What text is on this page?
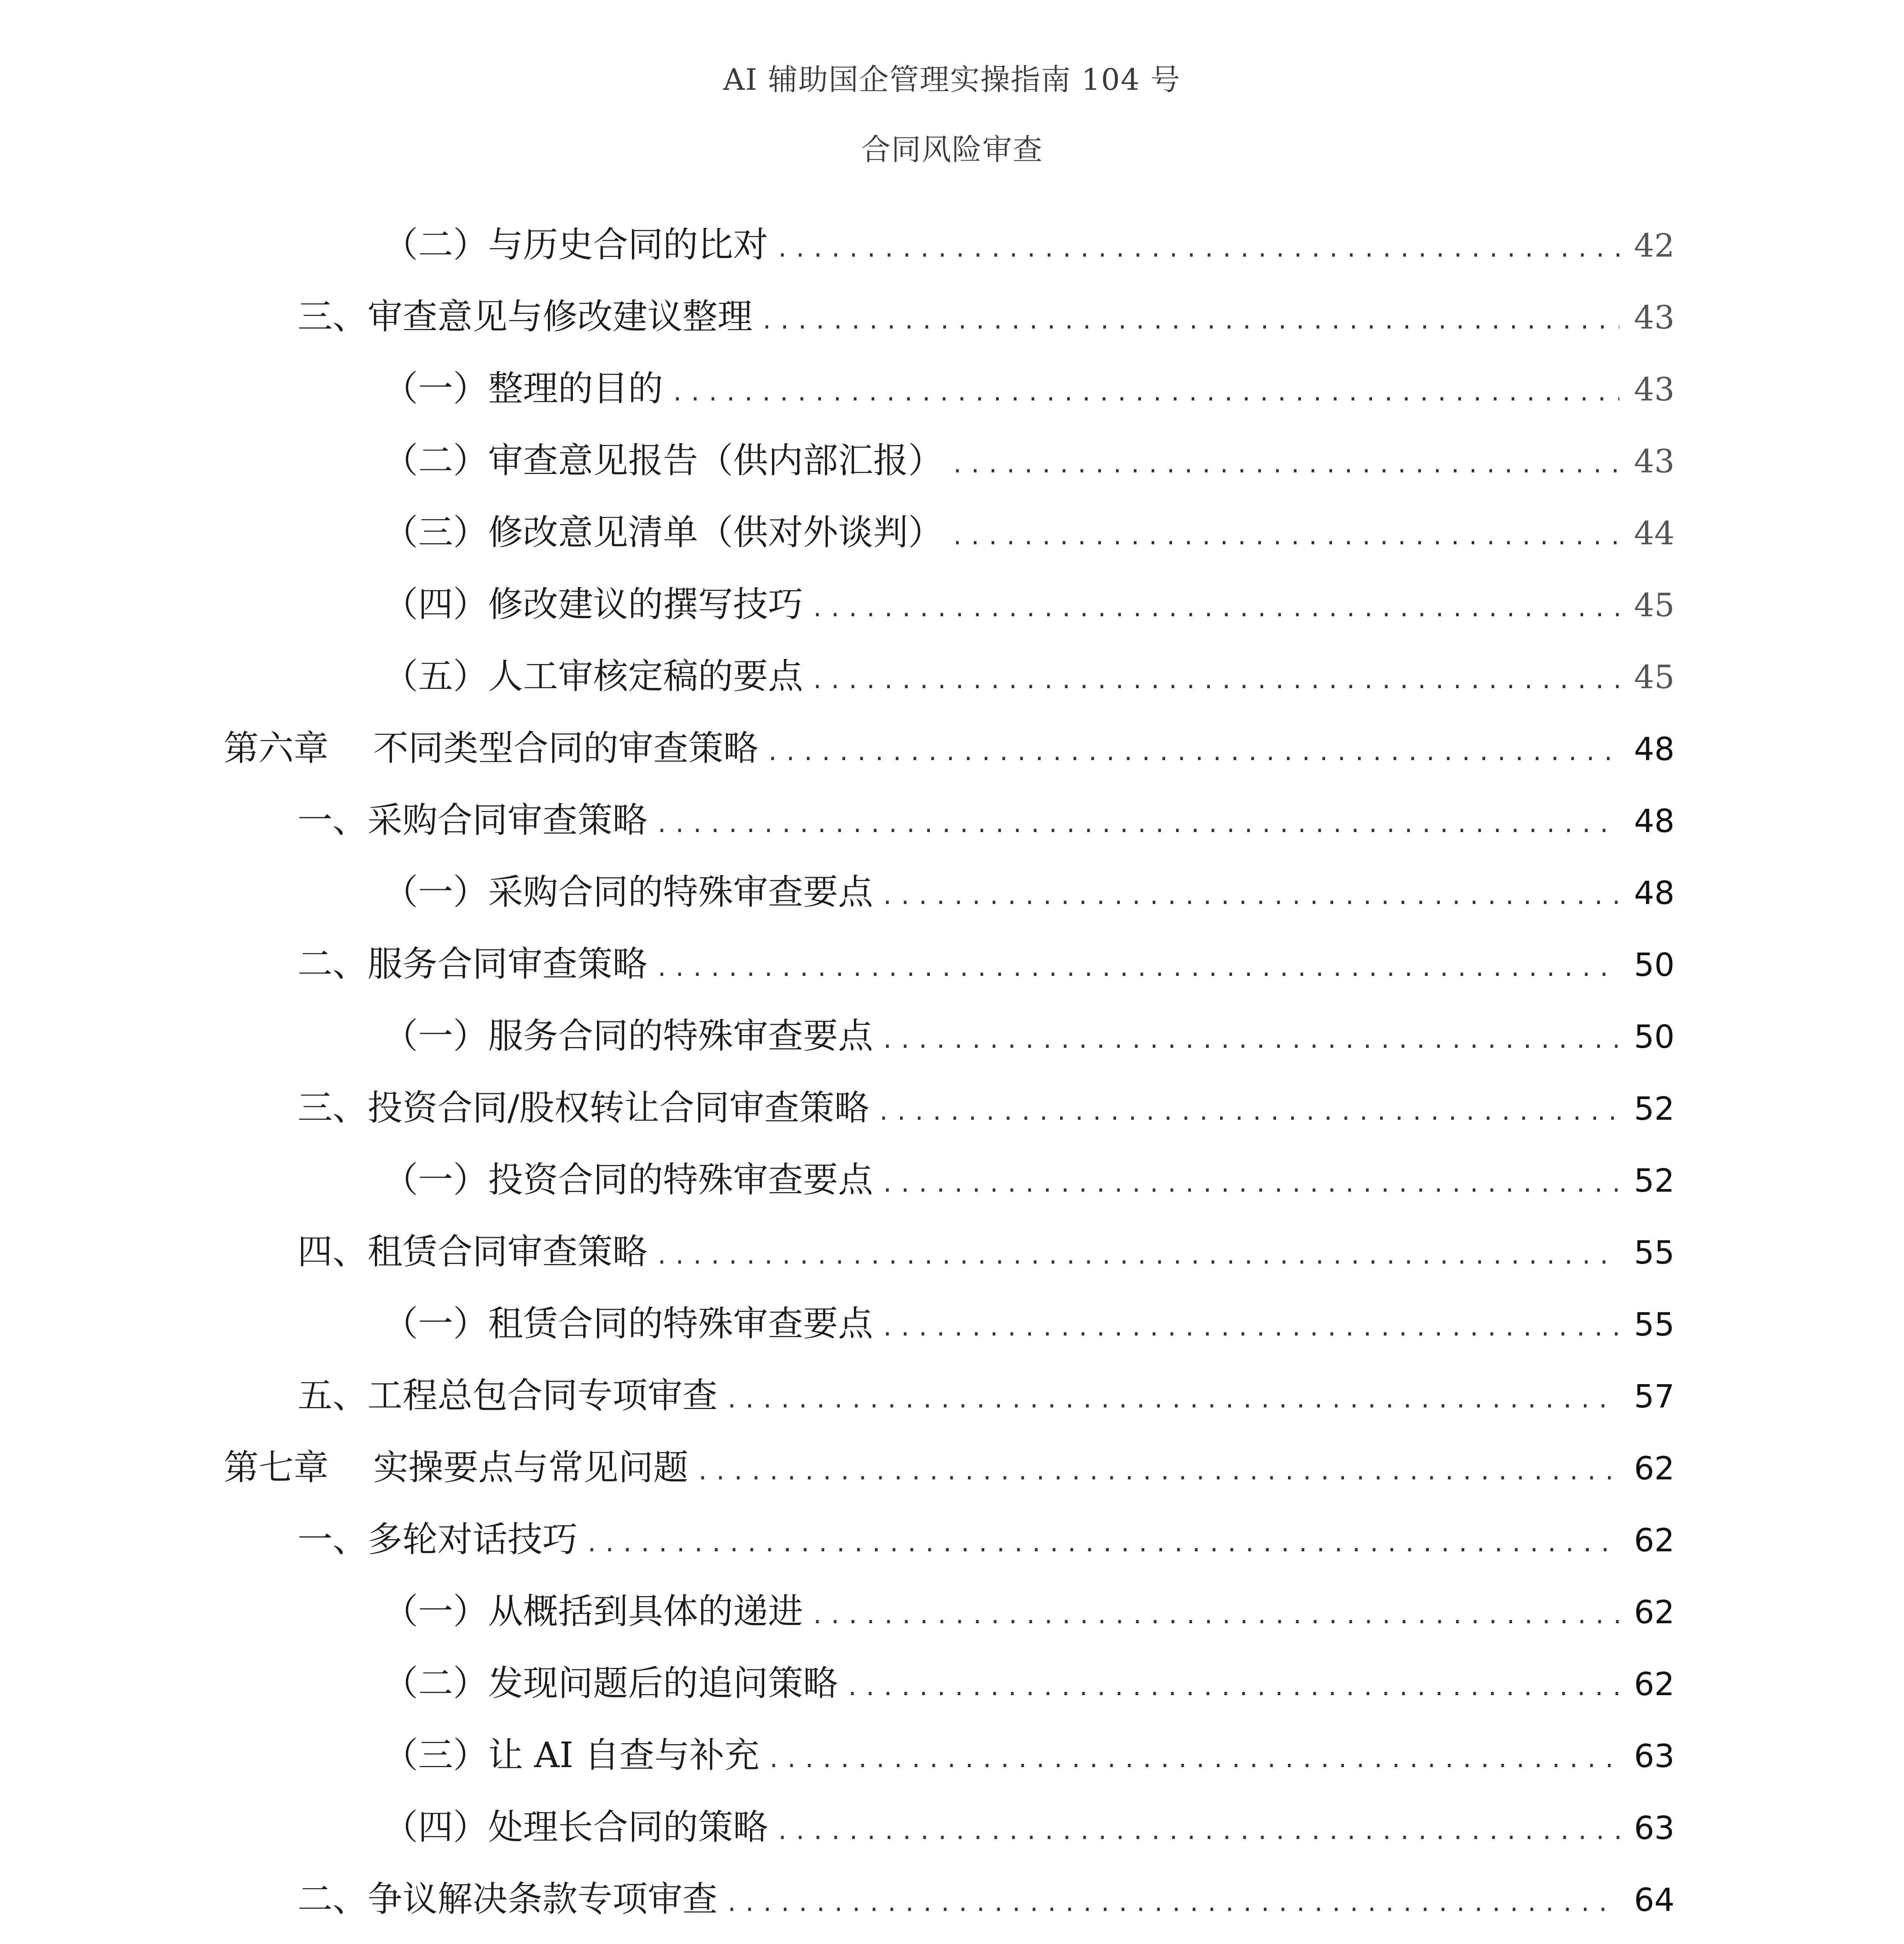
AI 辅助国企管理实操指南 104 号
合同风险审查
（二）与历史合同的比对 .....	42
三、审查意见与修改建议整理 .....	43
（一）整理的目的 .....	43
（二）审查意见报告（供内部汇报） .....	43
（三）修改意见清单（供对外谈判） .....	44
（四）修改建议的撰写技巧 .....	45
（五）人工审核定稿的要点 .....	45
第六章 不同类型合同的审查策略 .....	48
一、采购合同审查策略 .....	48
（一）采购合同的特殊审查要点 .....	48
二、服务合同审查策略 .....	50
（一）服务合同的特殊审查要点 .....	50
三、投资合同/股权转让合同审查策略 .....	52
（一）投资合同的特殊审查要点 .....	52
四、租赁合同审查策略 .....	55
（一）租赁合同的特殊审查要点 .....	55
五、工程总包合同专项审查 .....	57
第七章 实操要点与常见问题 .....	62
一、多轮对话技巧 .....	62
（一）从概括到具体的递进 .....	62
（二）发现问题后的追问策略 .....	62
（三）让 AI 自查与补充 .....	63
（四）处理长合同的策略 .....	63
二、争议解决条款专项审查 .....	64
